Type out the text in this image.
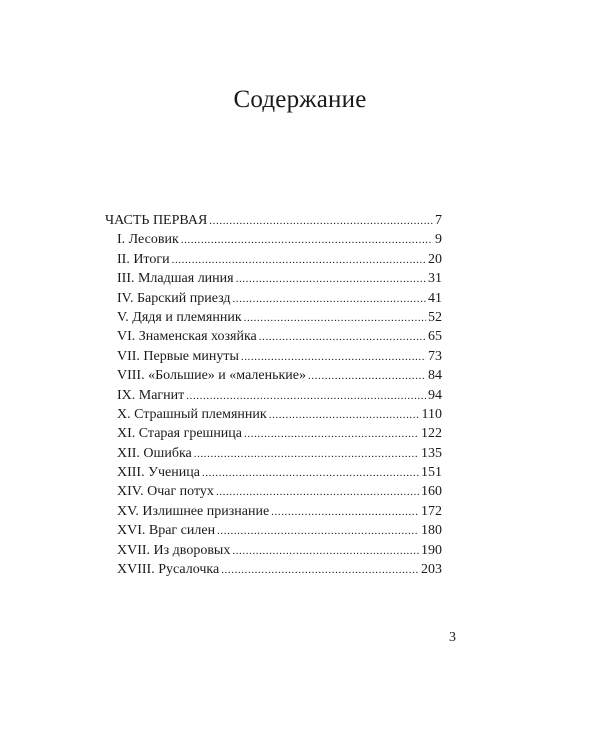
Содержание
ЧАСТЬ ПЕРВАЯ .....	7
I. Лесовик .....	9
II. Итоги .....	20
III. Младшая линия .....	31
IV. Барский приезд .....	41
V. Дядя и племянник .....	52
VI. Знаменская хозяйка .....	65
VII. Первые минуты .....	73
VIII. «Большие» и «маленькие» .....	84
IX. Магнит .....	94
X. Страшный племянник .....	110
XI. Старая грешница .....	122
XII. Ошибка .....	135
XIII. Ученица .....	151
XIV. Очаг потух .....	160
XV. Излишнее признание .....	172
XVI. Враг силен .....	180
XVII. Из дворовых .....	190
XVIII. Русалочка .....	203
3
